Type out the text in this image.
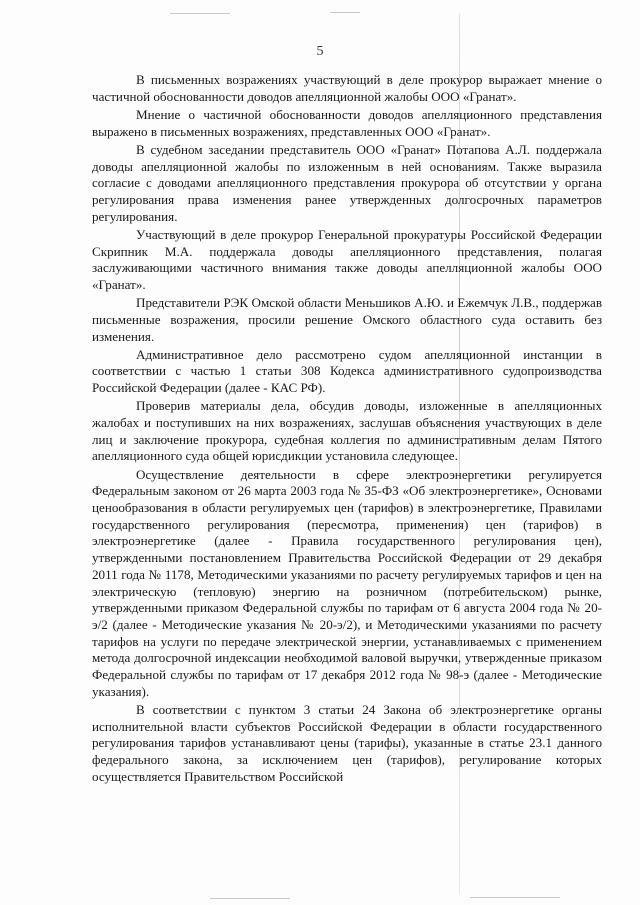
5

В письменных возражениях участвующий в деле прокурор выражает мнение о частичной обоснованности доводов апелляционной жалобы ООО «Гранат».

Мнение о частичной обоснованности доводов апелляционного представления выражено в письменных возражениях, представленных ООО «Гранат».

В судебном заседании представитель ООО «Гранат» Потапова А.Л. поддержала доводы апелляционной жалобы по изложенным в ней основаниям. Также выразила согласие с доводами апелляционного представления прокурора об отсутствии у органа регулирования права изменения ранее утвержденных долгосрочных параметров регулирования.

Участвующий в деле прокурор Генеральной прокуратуры Российской Федерации Скрипник М.А. поддержала доводы апелляционного представления, полагая заслуживающими частичного внимания также доводы апелляционной жалобы ООО «Гранат».

Представители РЭК Омской области Меньшиков А.Ю. и Ежемчук Л.В., поддержав письменные возражения, просили решение Омского областного суда оставить без изменения.

Административное дело рассмотрено судом апелляционной инстанции в соответствии с частью 1 статьи 308 Кодекса административного судопроизводства Российской Федерации (далее - КАС РФ).

Проверив материалы дела, обсудив доводы, изложенные в апелляционных жалобах и поступивших на них возражениях, заслушав объяснения участвующих в деле лиц и заключение прокурора, судебная коллегия по административным делам Пятого апелляционного суда общей юрисдикции установила следующее.

Осуществление деятельности в сфере электроэнергетики регулируется Федеральным законом от 26 марта 2003 года № 35-ФЗ «Об электроэнергетике», Основами ценообразования в области регулируемых цен (тарифов) в электроэнергетике, Правилами государственного регулирования (пересмотра, применения) цен (тарифов) в электроэнергетике (далее - Правила государственного регулирования цен), утвержденными постановлением Правительства Российской Федерации от 29 декабря 2011 года № 1178, Методическими указаниями по расчету регулируемых тарифов и цен на электрическую (тепловую) энергию на розничном (потребительском) рынке, утвержденными приказом Федеральной службы по тарифам от 6 августа 2004 года № 20-э/2 (далее - Методические указания № 20-э/2), и Методическими указаниями по расчету тарифов на услуги по передаче электрической энергии, устанавливаемых с применением метода долгосрочной индексации необходимой валовой выручки, утвержденные приказом Федеральной службы по тарифам от 17 декабря 2012 года № 98-э (далее - Методические указания).

В соответствии с пунктом 3 статьи 24 Закона об электроэнергетике органы исполнительной власти субъектов Российской Федерации в области государственного регулирования тарифов устанавливают цены (тарифы), указанные в статье 23.1 данного федерального закона, за исключением цен (тарифов), регулирование которых осуществляется Правительством Российской
